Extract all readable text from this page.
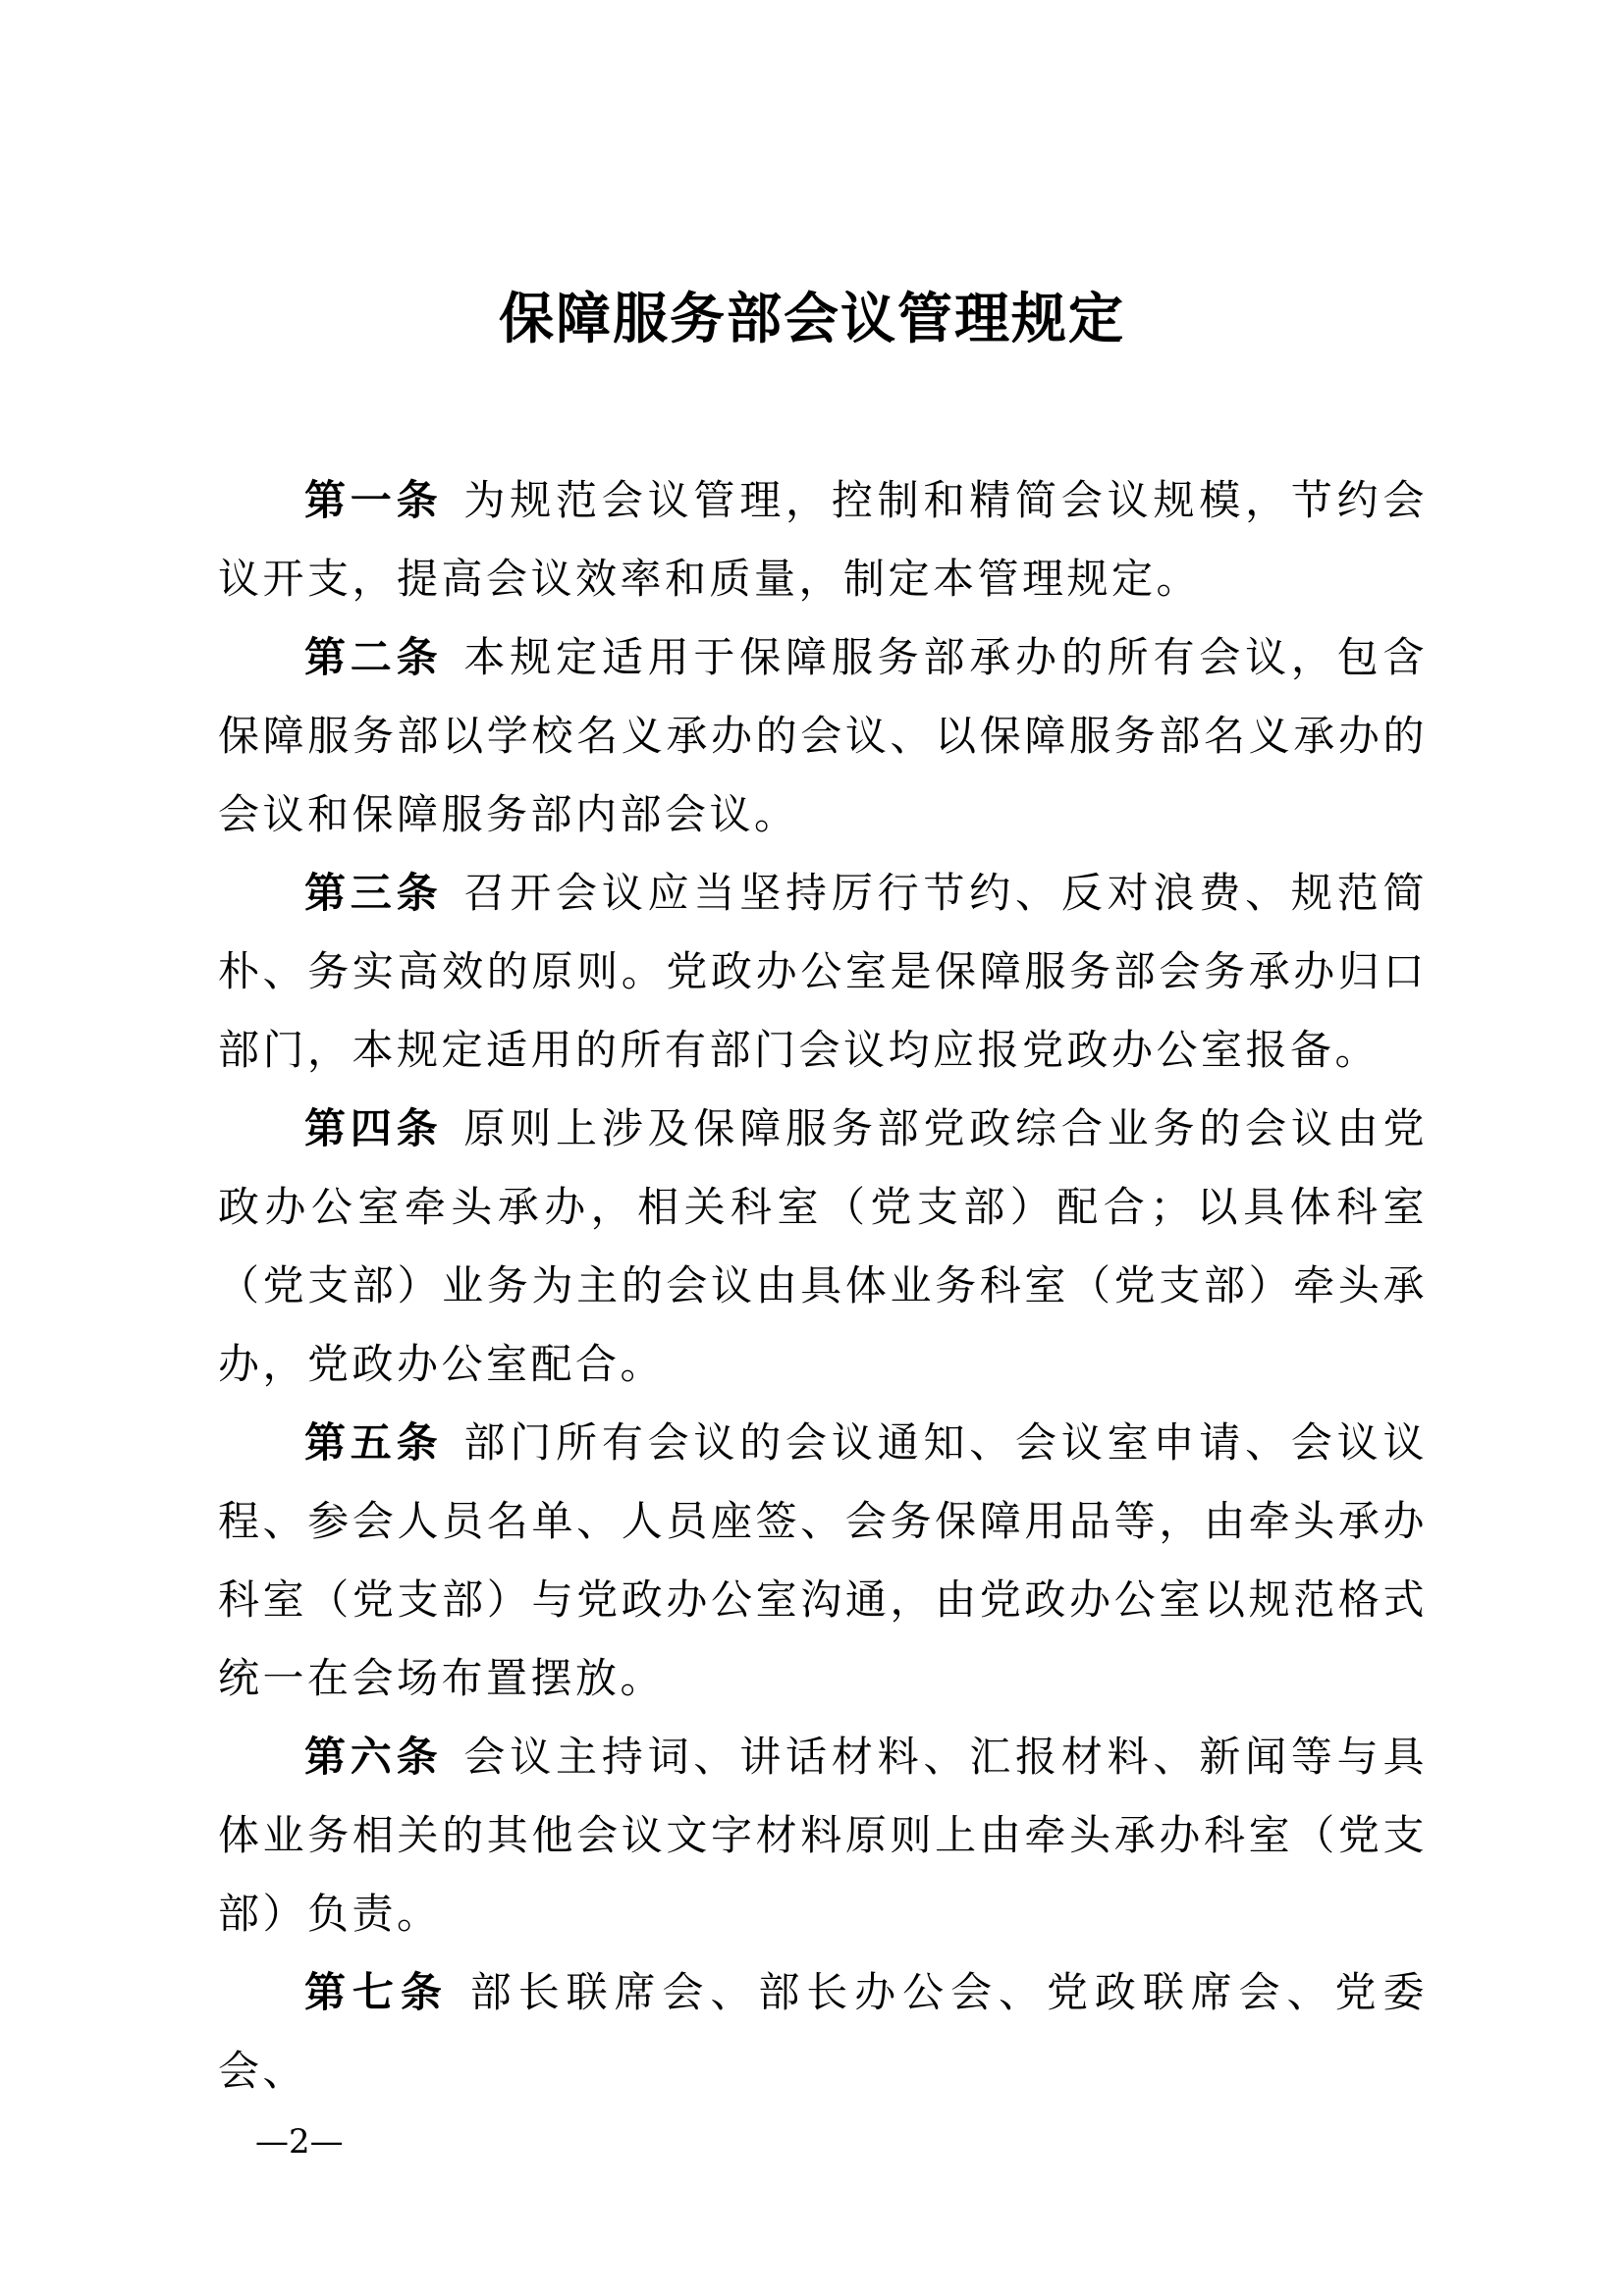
保障服务部会议管理规定

第一条 为规范会议管理，控制和精简会议规模，节约会议开支，提高会议效率和质量，制定本管理规定。

第二条 本规定适用于保障服务部承办的所有会议，包含保障服务部以学校名义承办的会议、以保障服务部名义承办的会议和保障服务部内部会议。

第三条 召开会议应当坚持厉行节约、反对浪费、规范简朴、务实高效的原则。党政办公室是保障服务部会务承办归口部门，本规定适用的所有部门会议均应报党政办公室报备。

第四条 原则上涉及保障服务部党政综合业务的会议由党政办公室牵头承办，相关科室（党支部）配合；以具体科室（党支部）业务为主的会议由具体业务科室（党支部）牵头承办，党政办公室配合。

第五条 部门所有会议的会议通知、会议室申请、会议议程、参会人员名单、人员座签、会务保障用品等，由牵头承办科室（党支部）与党政办公室沟通，由党政办公室以规范格式统一在会场布置摆放。

第六条 会议主持词、讲话材料、汇报材料、新闻等与具体业务相关的其他会议文字材料原则上由牵头承办科室（党支部）负责。

第七条 部长联席会、部长办公会、党政联席会、党委会、

—2—
